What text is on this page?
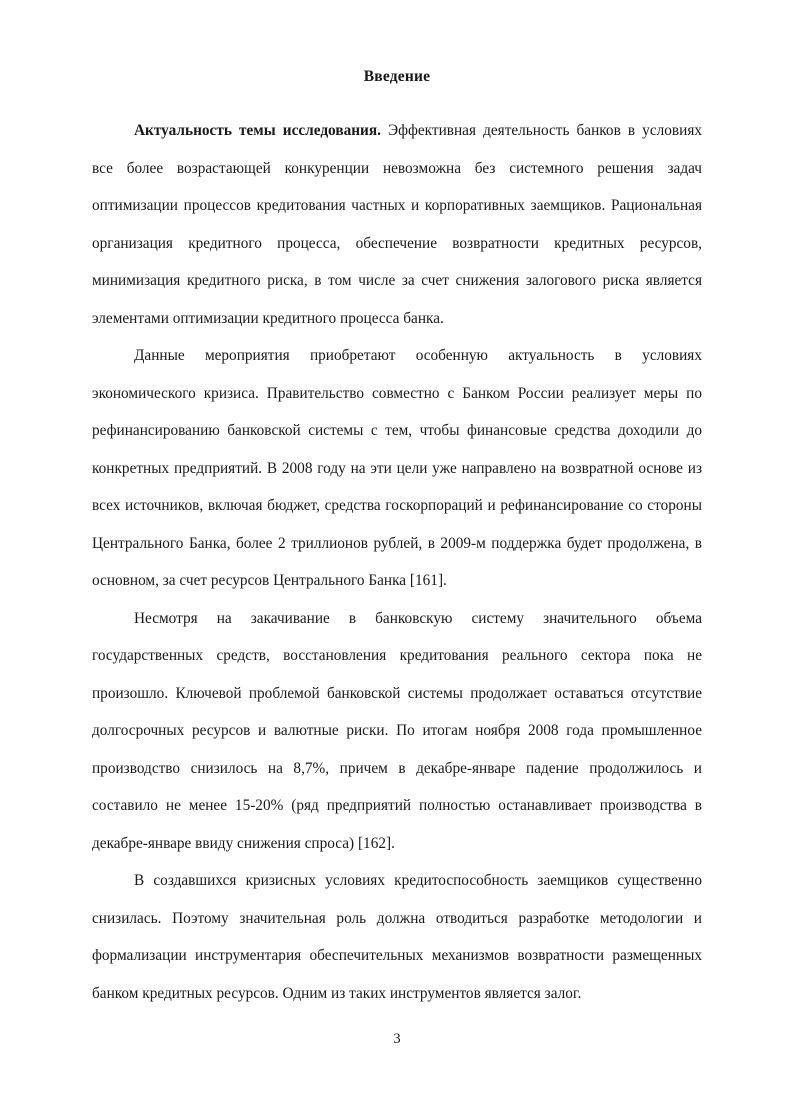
Введение

Актуальность темы исследования. Эффективная деятельность банков в условиях все более возрастающей конкуренции невозможна без системного решения задач оптимизации процессов кредитования частных и корпоративных заемщиков. Рациональная организация кредитного процесса, обеспечение возвратности кредитных ресурсов, минимизация кредитного риска, в том числе за счет снижения залогового риска является элементами оптимизации кредитного процесса банка.

Данные мероприятия приобретают особенную актуальность в условиях экономического кризиса. Правительство совместно с Банком России реализует меры по рефинансированию банковской системы с тем, чтобы финансовые средства доходили до конкретных предприятий. В 2008 году на эти цели уже направлено на возвратной основе из всех источников, включая бюджет, средства госкорпораций и рефинансирование со стороны Центрального Банка, более 2 триллионов рублей, в 2009-м поддержка будет продолжена, в основном, за счет ресурсов Центрального Банка [161].

Несмотря на закачивание в банковскую систему значительного объема государственных средств, восстановления кредитования реального сектора пока не произошло. Ключевой проблемой банковской системы продолжает оставаться отсутствие долгосрочных ресурсов и валютные риски. По итогам ноября 2008 года промышленное производство снизилось на 8,7%, причем в декабре-январе падение продолжилось и составило не менее 15-20% (ряд предприятий полностью останавливает производства в декабре-январе ввиду снижения спроса) [162].

В создавшихся кризисных условиях кредитоспособность заемщиков существенно снизилась. Поэтому значительная роль должна отводиться разработке методологии и формализации инструментария обеспечительных механизмов возвратности размещенных банком кредитных ресурсов. Одним из таких инструментов является залог.

3
